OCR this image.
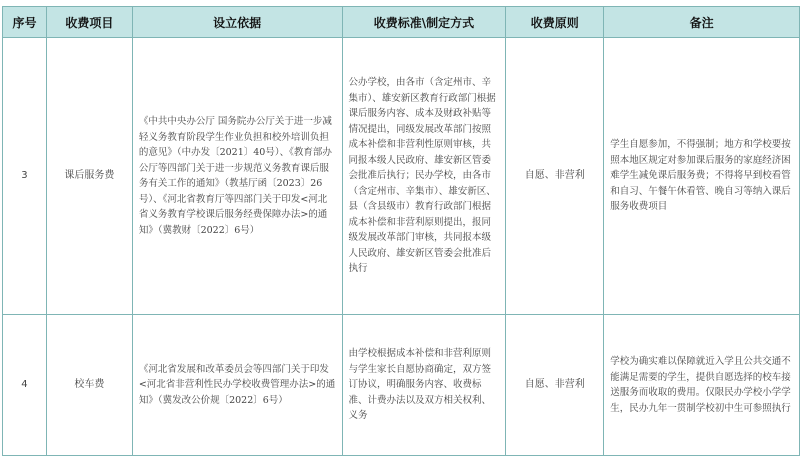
序号	收费项目	设立依据	收费标准\制定方式	收费原则	备注
3	课后服务费	《中共中央办公厅 国务院办公厅关于进一步减轻义务教育阶段学生作业负担和校外培训负担的意见》（中办发〔2021〕40号）、《教育部办公厅等四部门关于进一步规范义务教育课后服务有关工作的通知》（教基厅函〔2023〕26号）、《河北省教育厅等四部门关于印发<河北省义务教育学校课后服务经费保障办法>的通知》（冀教财〔2022〕6号）	公办学校，由各市（含定州市、辛集市）、雄安新区教育行政部门根据课后服务内容、成本及财政补贴等情况提出，同级发展改革部门按照成本补偿和非营利性原则审核，共同报本级人民政府、雄安新区管委会批准后执行；民办学校，由各市（含定州市、辛集市）、雄安新区、县（含县级市）教育行政部门根据成本补偿和非营利原则提出，报同级发展改革部门审核，共同报本级人民政府、雄安新区管委会批准后执行	自愿、非营利	学生自愿参加，不得强制；地方和学校要按照本地区规定对参加课后服务的家庭经济困难学生减免课后服务费；不得将早到校看管和自习、午餐午休看管、晚自习等纳入课后服务收费项目

4	校车费	《河北省发展和改革委员会等四部门关于印发<河北省非营利性民办学校收费管理办法>的通知》（冀发改公价规〔2022〕6号）	由学校根据成本补偿和非营利原则与学生家长自愿协商确定，双方签订协议，明确服务内容、收费标准、计费办法以及双方相关权利、义务	自愿、非营利	学校为确实难以保障就近入学且公共交通不能满足需要的学生，提供自愿选择的校车接送服务而收取的费用。仅限民办学校小学学生，民办九年一贯制学校初中生可参照执行
